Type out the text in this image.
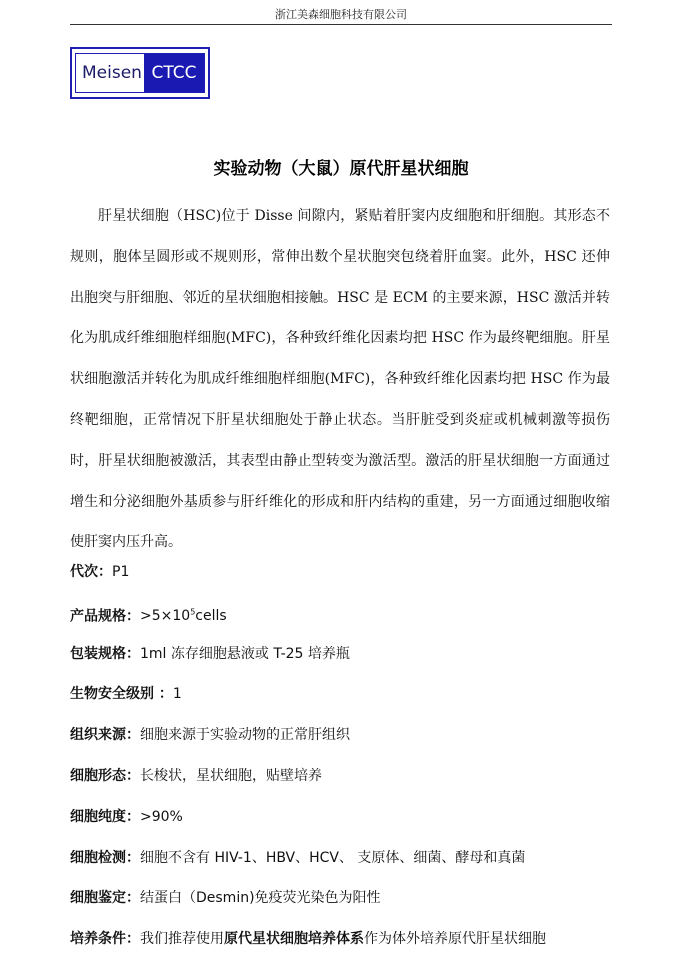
浙江美森细胞科技有限公司
Meisen CTCC
实验动物（大鼠）原代肝星状细胞

肝星状细胞（HSC)位于 Disse 间隙内，紧贴着肝窦内皮细胞和肝细胞。其形态不规则，胞体呈圆形或不规则形，常伸出数个星状胞突包绕着肝血窦。此外，HSC 还伸出胞突与肝细胞、邻近的星状细胞相接触。HSC 是 ECM 的主要来源，HSC 激活并转化为肌成纤维细胞样细胞(MFC)，各种致纤维化因素均把 HSC 作为最终靶细胞。肝星状细胞激活并转化为肌成纤维细胞样细胞(MFC)，各种致纤维化因素均把 HSC 作为最终靶细胞，正常情况下肝星状细胞处于静止状态。当肝脏受到炎症或机械刺激等损伤时，肝星状细胞被激活，其表型由静止型转变为激活型。激活的肝星状细胞一方面通过增生和分泌细胞外基质参与肝纤维化的形成和肝内结构的重建，另一方面通过细胞收缩使肝窦内压升高。

代次：P1
产品规格：$>5\times 10^5cells$
包装规格：1ml 冻存细胞悬液或 T-25 培养瓶
生物安全级别 ：1
组织来源：细胞来源于实验动物的正常肝组织
细胞形态：长梭状，星状细胞，贴壁培养
细胞纯度：>90%
细胞检测：细胞不含有 HIV-1、HBV、HCV、 支原体、细菌、酵母和真菌
细胞鉴定：结蛋白（Desmin)免疫荧光染色为阳性
培养条件：我们推荐使用原代星状细胞培养体系作为体外培养原代肝星状细胞
